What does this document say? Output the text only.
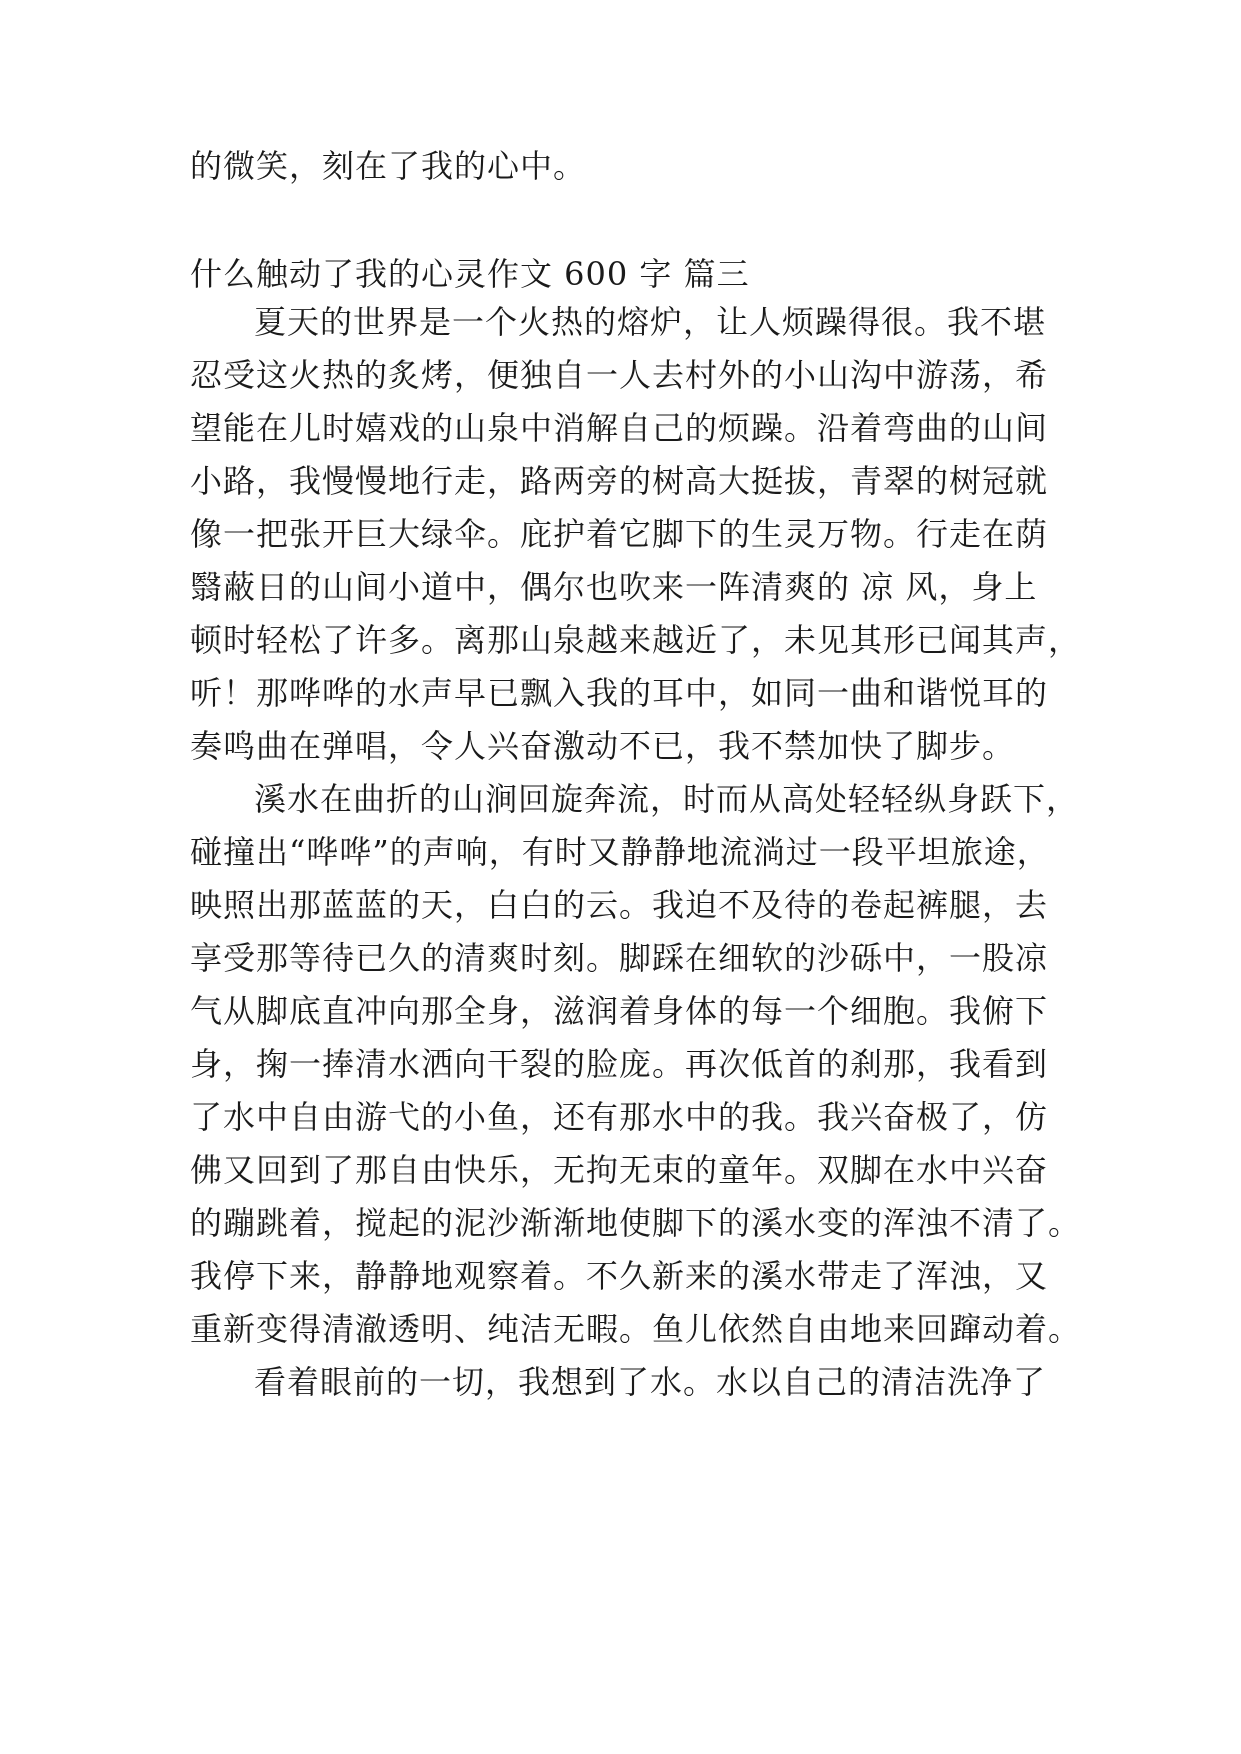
的微笑，刻在了我的心中。
什么触动了我的心灵作文 600 字 篇三
夏天的世界是一个火热的熔炉，让人烦躁得很。我不堪
忍受这火热的炙烤，便独自一人去村外的小山沟中游荡，希
望能在儿时嬉戏的山泉中消解自己的烦躁。沿着弯曲的山间
小路，我慢慢地行走，路两旁的树高大挺拔，青翠的树冠就
像一把张开巨大绿伞。庇护着它脚下的生灵万物。行走在荫
翳蔽日的山间小道中，偶尔也吹来一阵清爽的 凉 风，身上
顿时轻松了许多。离那山泉越来越近了，未见其形已闻其声，
听！那哗哗的水声早已飘入我的耳中，如同一曲和谐悦耳的
奏鸣曲在弹唱，令人兴奋激动不已，我不禁加快了脚步。
溪水在曲折的山涧回旋奔流，时而从高处轻轻纵身跃下，
碰撞出“哗哗”的声响，有时又静静地流淌过一段平坦旅途，
映照出那蓝蓝的天，白白的云。我迫不及待的卷起裤腿，去
享受那等待已久的清爽时刻。脚踩在细软的沙砾中，一股凉
气从脚底直冲向那全身，滋润着身体的每一个细胞。我俯下
身，掬一捧清水洒向干裂的脸庞。再次低首的刹那，我看到
了水中自由游弋的小鱼，还有那水中的我。我兴奋极了，仿
佛又回到了那自由快乐，无拘无束的童年。双脚在水中兴奋
的蹦跳着，搅起的泥沙渐渐地使脚下的溪水变的浑浊不清了。
我停下来，静静地观察着。不久新来的溪水带走了浑浊，又
重新变得清澈透明、纯洁无暇。鱼儿依然自由地来回蹿动着。
看着眼前的一切，我想到了水。水以自己的清洁洗净了
